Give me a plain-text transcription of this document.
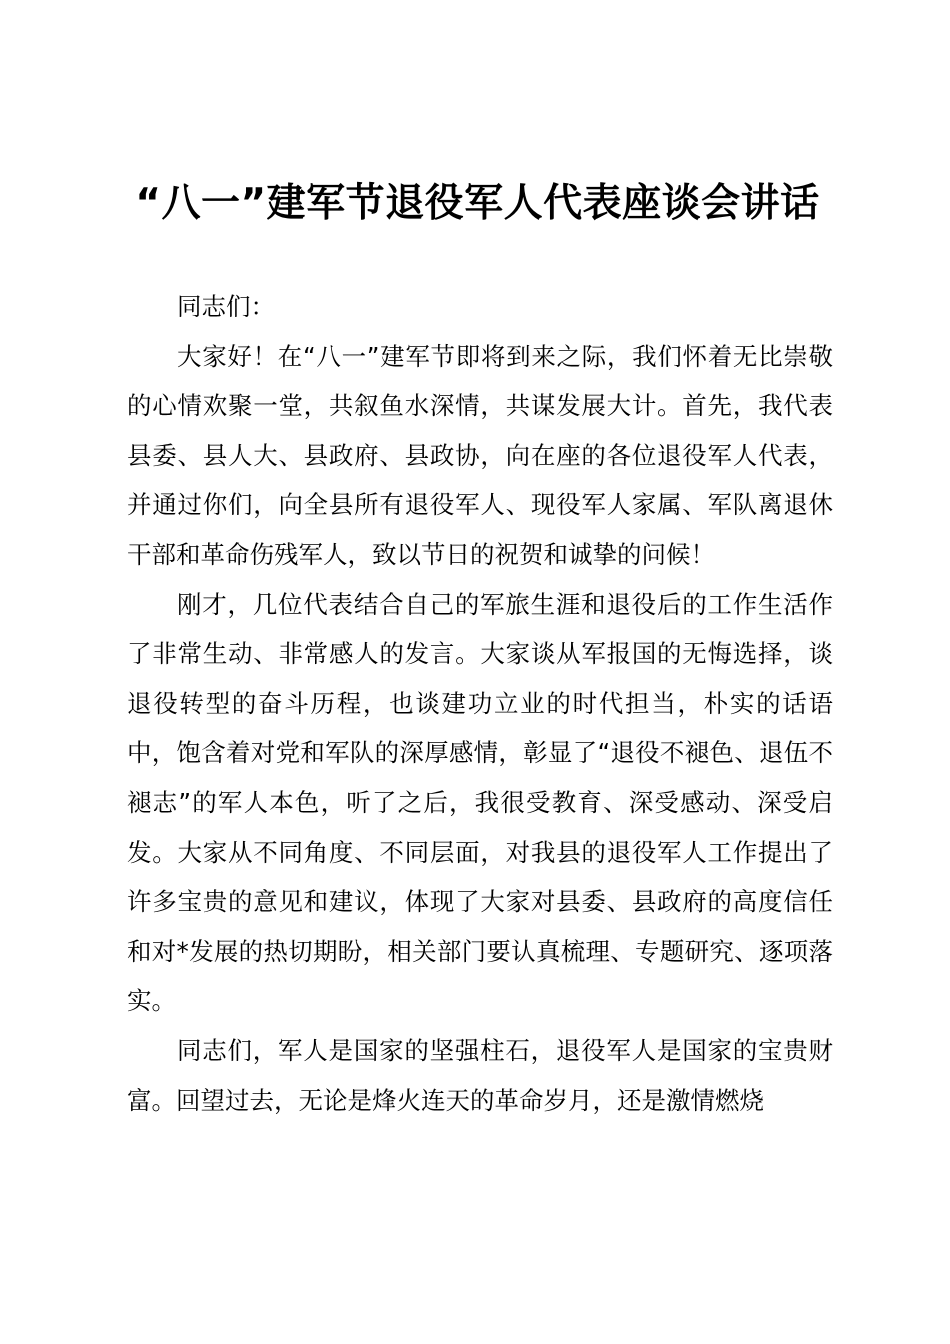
“八一”建军节退役军人代表座谈会讲话

同志们：

大家好！在“八一”建军节即将到来之际，我们怀着无比崇敬的心情欢聚一堂，共叙鱼水深情，共谋发展大计。首先，我代表县委、县人大、县政府、县政协，向在座的各位退役军人代表，并通过你们，向全县所有退役军人、现役军人家属、军队离退休干部和革命伤残军人，致以节日的祝贺和诚挚的问候！

刚才，几位代表结合自己的军旅生涯和退役后的工作生活作了非常生动、非常感人的发言。大家谈从军报国的无悔选择，谈退役转型的奋斗历程，也谈建功立业的时代担当，朴实的话语中，饱含着对党和军队的深厚感情，彰显了“退役不褪色、退伍不褪志”的军人本色，听了之后，我很受教育、深受感动、深受启发。大家从不同角度、不同层面，对我县的退役军人工作提出了许多宝贵的意见和建议，体现了大家对县委、县政府的高度信任和对*发展的热切期盼，相关部门要认真梳理、专题研究、逐项落实。

同志们，军人是国家的坚强柱石，退役军人是国家的宝贵财富。回望过去，无论是烽火连天的革命岁月，还是激情燃烧
